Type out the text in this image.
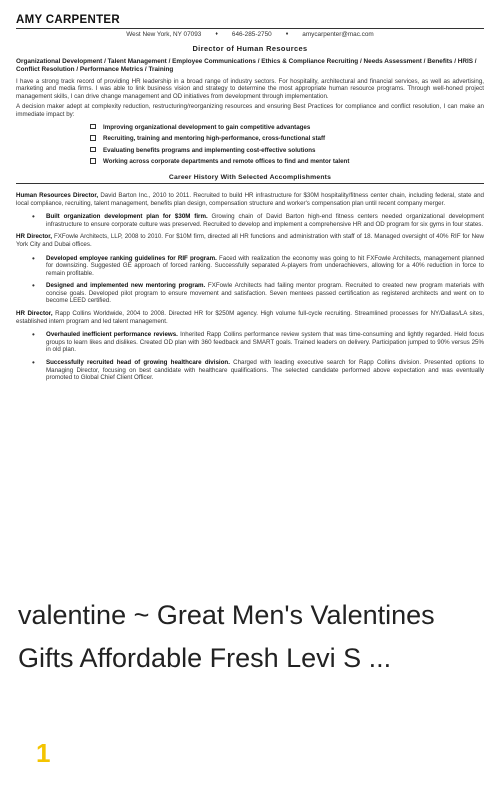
AMY CARPENTER
West New York, NY 07093	♦ 646-285-2750	♦ amycarpenter@mac.com
Director of Human Resources
Organizational Development / Talent Management / Employee Communications / Ethics & Compliance Recruiting / Needs Assessment / Benefits / HRIS / Conflict Resolution / Performance Metrics / Training

I have a strong track record of providing HR leadership in a broad range of industry sectors. For hospitality, architectural and financial services, as well as advertising, marketing and media firms. I was able to link business vision and strategy to determine the most appropriate human resource programs. Through well-honed project management skills, I can drive change management and OD initiatives from development through implementation.

A decision maker adept at complexity reduction, restructuring/reorganizing resources and ensuring Best Practices for compliance and conflict resolution, I can make an immediate impact by:

Improving organizational development to gain competitive advantages
Recruiting, training and mentoring high-performance, cross-functional staff
Evaluating benefits programs and implementing cost-effective solutions
Working across corporate departments and remote offices to find and mentor talent
Career History With Selected Accomplishments
Human Resources Director, David Barton Inc., 2010 to 2011. Recruited to build HR infrastructure for $30M hospitality/fitness center chain, including federal, state and local compliance, recruiting, talent management, benefits plan design, compensation structure and worker's compensation plan until recent company merger.
• Built organization development plan for $30M firm. Growing chain of David Barton high-end fitness centers needed organizational development infrastructure to ensure corporate culture was preserved. Recruited to develop and implement a comprehensive HR and OD program for six gyms in four states.
HR Director, FXFowle Architects, LLP, 2008 to 2010. For $10M firm, directed all HR functions and administration with staff of 18. Managed oversight of 40% RIF for New York City and Dubai offices.
• Developed employee ranking guidelines for RIF program. Faced with realization the economy was going to hit FXFowle Architects, management planned for downsizing. Suggested GE approach of forced ranking. Successfully separated A-players from underachievers, allowing for a 40% reduction in force to remain profitable.
• Designed and implemented new mentoring program. FXFowle Architects had failing mentor program. Recruited to created new program materials with concise goals. Developed pilot program to ensure movement and satisfaction. Seven mentees passed certification as registered architects and went on to become LEED certified.
HR Director, Rapp Collins Worldwide, 2004 to 2008. Directed HR for $250M agency. High volume full-cycle recruiting. Streamlined processes for NY/Dallas/LA sites, established intern program and led talent management.
• Overhauled inefficient performance reviews. Inherited Rapp Collins performance review system that was time-consuming and lightly regarded. Held focus groups to learn likes and dislikes. Created OD plan with 360 feedback and SMART goals. Trained leaders on delivery. Participation jumped to 90% versus 25% in old plan.
• Successfully recruited head of growing healthcare division. Charged with leading executive search for Rapp Collins division. Presented options to Managing Director, focusing on best candidate with healthcare qualifications. The selected candidate performed above expectation and was eventually promoted to Global Chief Client Officer.
valentine ~ Great Men's Valentines Gifts Affordable Fresh Levi S ...
1
